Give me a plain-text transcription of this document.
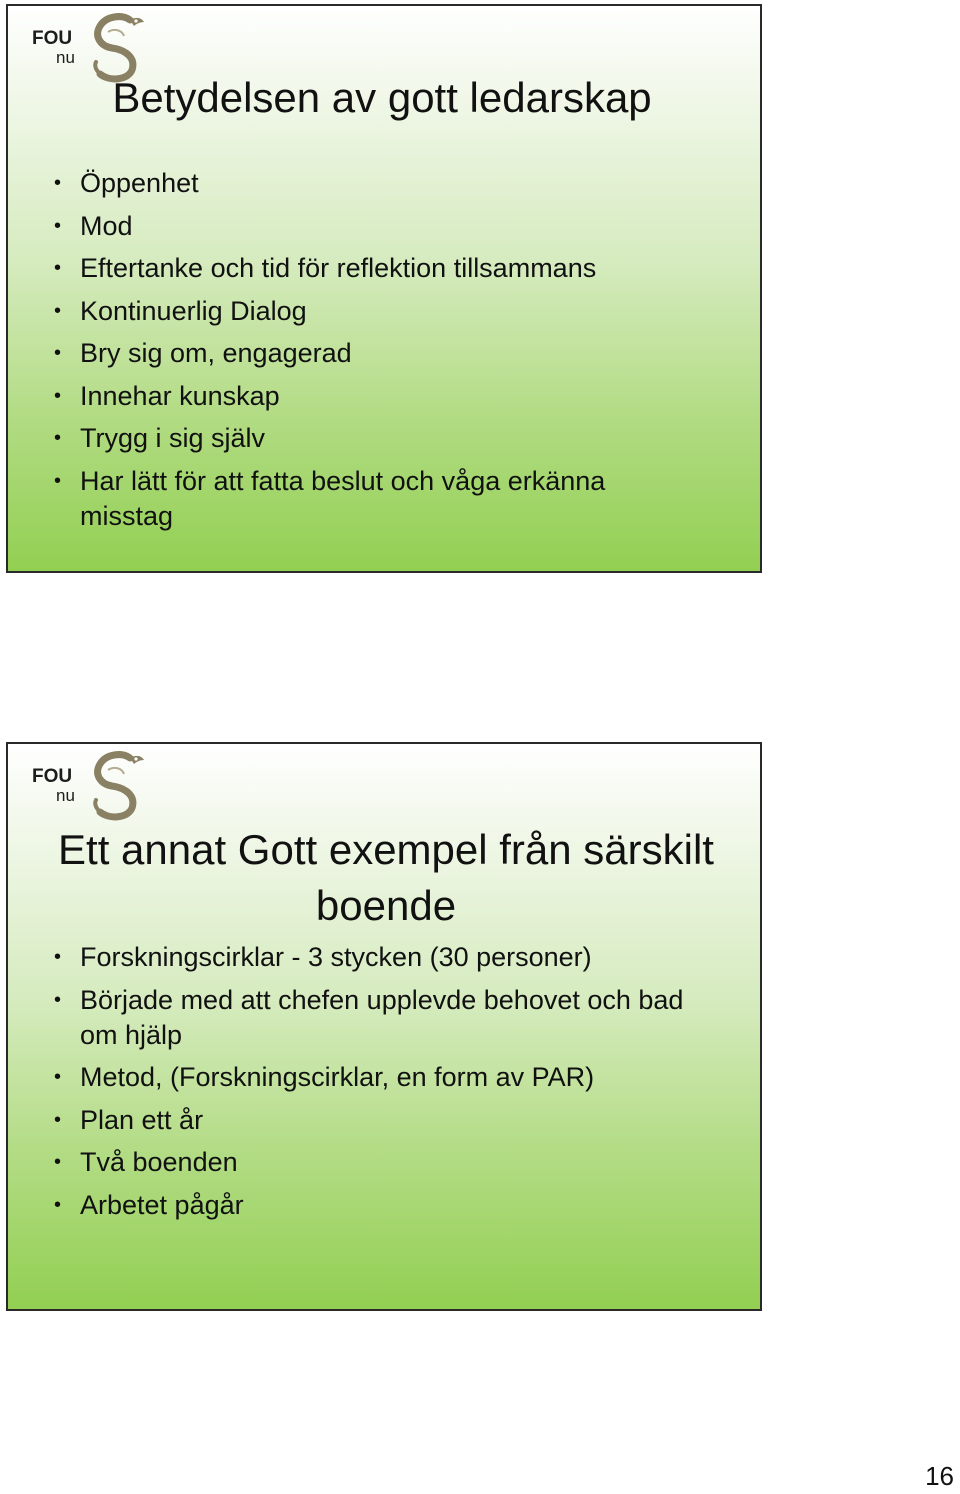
FOU
nu
Betydelsen av gott ledarskap
• Öppenhet
• Mod
• Eftertanke och tid för reflektion tillsammans
• Kontinuerlig Dialog
• Bry sig om, engagerad
• Innehar kunskap
• Trygg i sig själv
• Har lätt för att fatta beslut och våga erkänna misstag
FOU
nu
Ett annat Gott exempel från särskilt boende
• Forskningscirklar - 3 stycken (30 personer)
• Började med att chefen upplevde behovet och bad om hjälp
• Metod, (Forskningscirklar, en form av PAR)
• Plan ett år
• Två boenden
• Arbetet pågår
16
